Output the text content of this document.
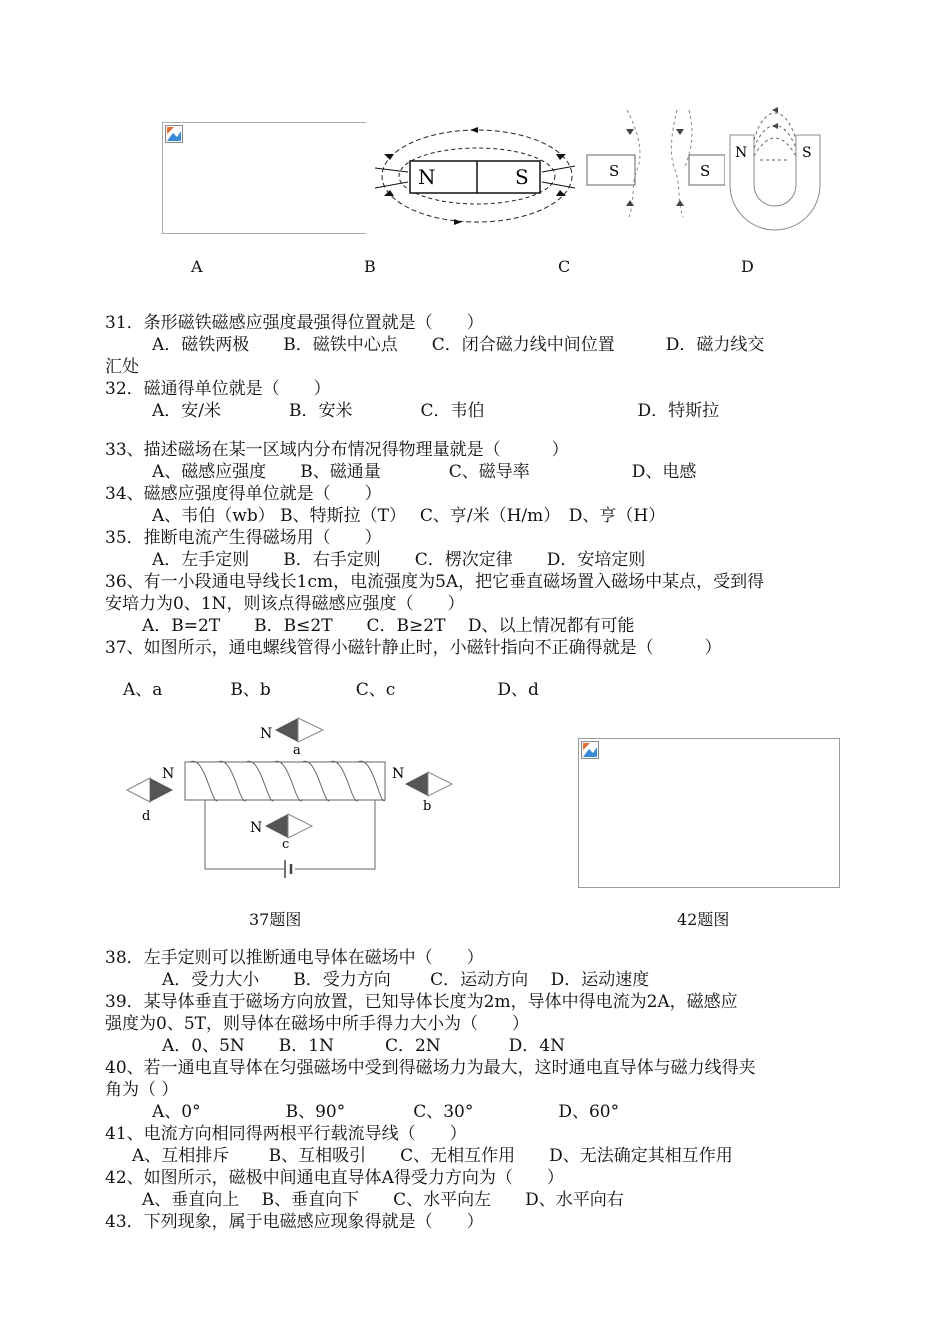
N	S	S	S
N	S
A	B	C	D
31．条形磁铁磁感应强度最强得位置就是（　　）
A．磁铁两极　　B．磁铁中心点　　C．闭合磁力线中间位置　　　D．磁力线交
汇处
32．磁通得单位就是（　　）
A．安/米　　　　B．安米　　　　C．韦伯　　　　　　　　　D．特斯拉
33、描述磁场在某一区域内分布情况得物理量就是（　　　）
A、磁感应强度　　B、磁通量　　　　C、磁导率　　　　　　D、电感
34、磁感应强度得单位就是（　　）
A、韦伯（wb） B、特斯拉（T）　 C、亨/米（H/m）　D、亨（H）
35．推断电流产生得磁场用（　　）
A．左手定则　　B．右手定则　　C．楞次定律　　D．安培定则
36、有一小段通电导线长1cm，电流强度为5A，把它垂直磁场置入磁场中某点，受到得
安培力为0、1N，则该点得磁感应强度（　　）
A．B=2T　　B．B≤2T　　C．B≥2T　 D、以上情况都有可能
37、如图所示，通电螺线管得小磁针静止时，小磁针指向不正确得就是（　　　）
A、a　　　　B、b　　　　　C、c　　　　　　D、d
N
a
N
d
N
b
N
c
37题图	42题图
38．左手定则可以推断通电导体在磁场中（　　）
A．受力大小　　B．受力方向　　 C．运动方向　 D．运动速度
39．某导体垂直于磁场方向放置，已知导体长度为2m，导体中得电流为2A，磁感应
强度为0、5T，则导体在磁场中所手得力大小为（　　）
A．0、5N　　B．1N　　　C．2N　　　　D．4N
40、若一通电直导体在匀强磁场中受到得磁场力为最大，这时通电直导体与磁力线得夹
角为（ ）
A、0°　　　　　B、90°　　　　C、30°　　　　　D、60°
41、电流方向相同得两根平行载流导线（　　）
A、互相排斥　　 B、互相吸引　　C、无相互作用　　D、无法确定其相互作用
42、如图所示，磁极中间通电直导体A得受力方向为（　　）
A、垂直向上　 B、垂直向下　　C、水平向左　　D、水平向右
43．下列现象，属于电磁感应现象得就是（　　）
